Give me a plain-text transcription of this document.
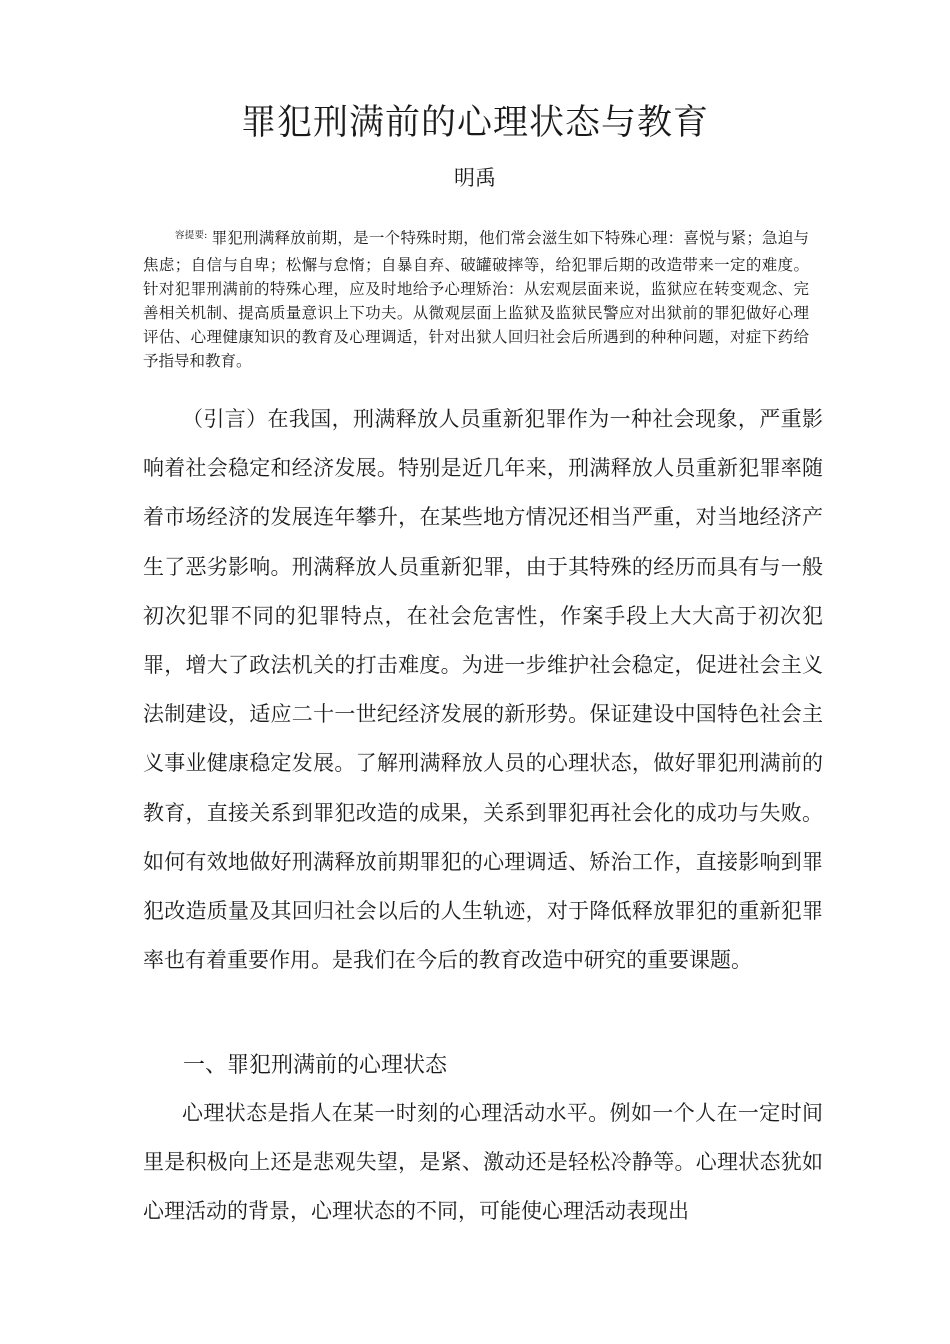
罪犯刑满前的心理状态与教育
明禹
$^{容提要:}$ 罪犯刑满释放前期，是一个特殊时期，他们常会滋生如下特殊心理：喜悦与紧；急迫与焦虑；自信与自卑；松懈与怠惰；自暴自弃、破罐破摔等，给犯罪后期的改造带来一定的难度。针对犯罪刑满前的特殊心理，应及时地给予心理矫治：从宏观层面来说，监狱应在转变观念、完善相关机制、提高质量意识上下功夫。从微观层面上监狱及监狱民警应对出狱前的罪犯做好心理评估、心理健康知识的教育及心理调适，针对出狱人回归社会后所遇到的种种问题，对症下药给予指导和教育。
（引言）在我国，刑满释放人员重新犯罪作为一种社会现象，严重影响着社会稳定和经济发展。特别是近几年来，刑满释放人员重新犯罪率随着市场经济的发展连年攀升，在某些地方情况还相当严重，对当地经济产生了恶劣影响。刑满释放人员重新犯罪，由于其特殊的经历而具有与一般初次犯罪不同的犯罪特点，在社会危害性，作案手段上大大高于初次犯罪，增大了政法机关的打击难度。为进一步维护社会稳定，促进社会主义法制建设，适应二十一世纪经济发展的新形势。保证建设中国特色社会主义事业健康稳定发展。了解刑满释放人员的心理状态，做好罪犯刑满前的教育，直接关系到罪犯改造的成果，关系到罪犯再社会化的成功与失败。如何有效地做好刑满释放前期罪犯的心理调适、矫治工作，直接影响到罪犯改造质量及其回归社会以后的人生轨迹，对于降低释放罪犯的重新犯罪率也有着重要作用。是我们在今后的教育改造中研究的重要课题。
一、罪犯刑满前的心理状态
心理状态是指人在某一时刻的心理活动水平。例如一个人在一定时间里是积极向上还是悲观失望，是紧、激动还是轻松冷静等。心理状态犹如心理活动的背景，心理状态的不同，可能使心理活动表现出
